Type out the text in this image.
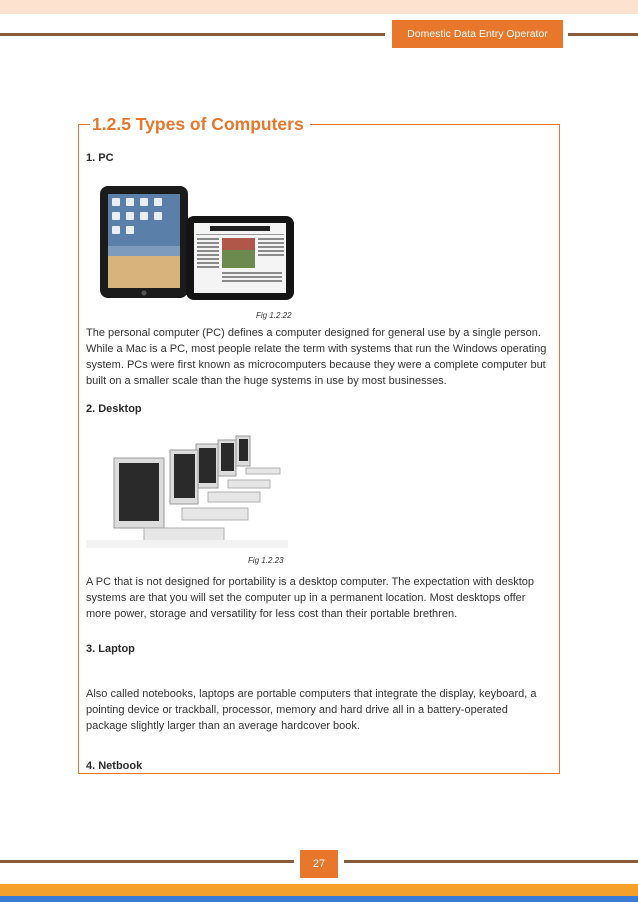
Domestic Data Entry Operator
1.2.5 Types of Computers
1. PC
Fig 1.2.22

The personal computer (PC) defines a computer designed for general use by a single person. While a Mac is a PC, most people relate the term with systems that run the Windows operating system. PCs were first known as microcomputers because they were a complete computer but built on a smaller scale than the huge systems in use by most businesses.

2. Desktop
Fig 1.2.23

A PC that is not designed for portability is a desktop computer. The expectation with desktop systems are that you will set the computer up in a permanent location. Most desktops offer more power, storage and versatility for less cost than their portable brethren.

3. Laptop

Also called notebooks, laptops are portable computers that integrate the display, keyboard, a pointing device or trackball, processor, memory and hard drive all in a battery-operated package slightly larger than an average hardcover book.

4. Netbook
27
